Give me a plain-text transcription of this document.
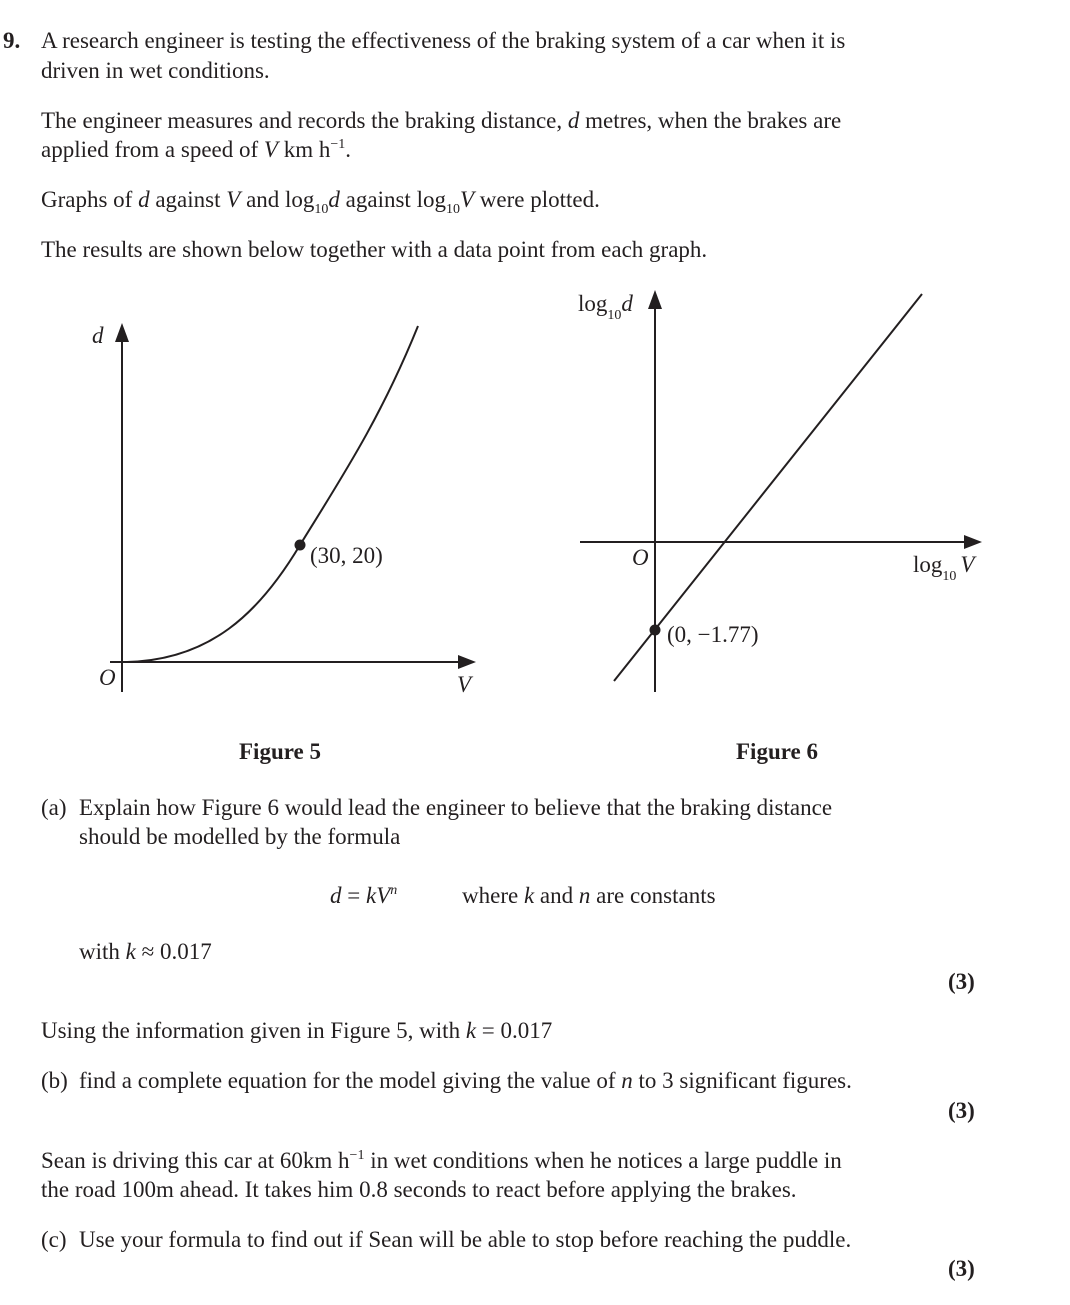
9. A research engineer is testing the effectiveness of the braking system of a car when it is
driven in wet conditions.
The engineer measures and records the braking distance, d metres, when the brakes are
applied from a speed of V km $h^{-1}$.
Graphs of d against V and $\log_{10}d$ against $\log_{10}V$ were plotted.
The results are shown below together with a data point from each graph.
d
V
O
(30, 20)
$\log_{10}d$
$\log_{10} V$
O
(0, −1.77)
Figure 5	Figure 6
(a) Explain how Figure 6 would lead the engineer to believe that the braking distance
should be modelled by the formula
$d = kV^n$	where k and n are constants
with k ≈ 0.017
(3)
Using the information given in Figure 5, with k = 0.017
(b) find a complete equation for the model giving the value of n to 3 significant figures.
(3)
Sean is driving this car at 60km $h^{-1}$ in wet conditions when he notices a large puddle in
the road 100m ahead. It takes him 0.8 seconds to react before applying the brakes.
(c) Use your formula to find out if Sean will be able to stop before reaching the puddle.
(3)
